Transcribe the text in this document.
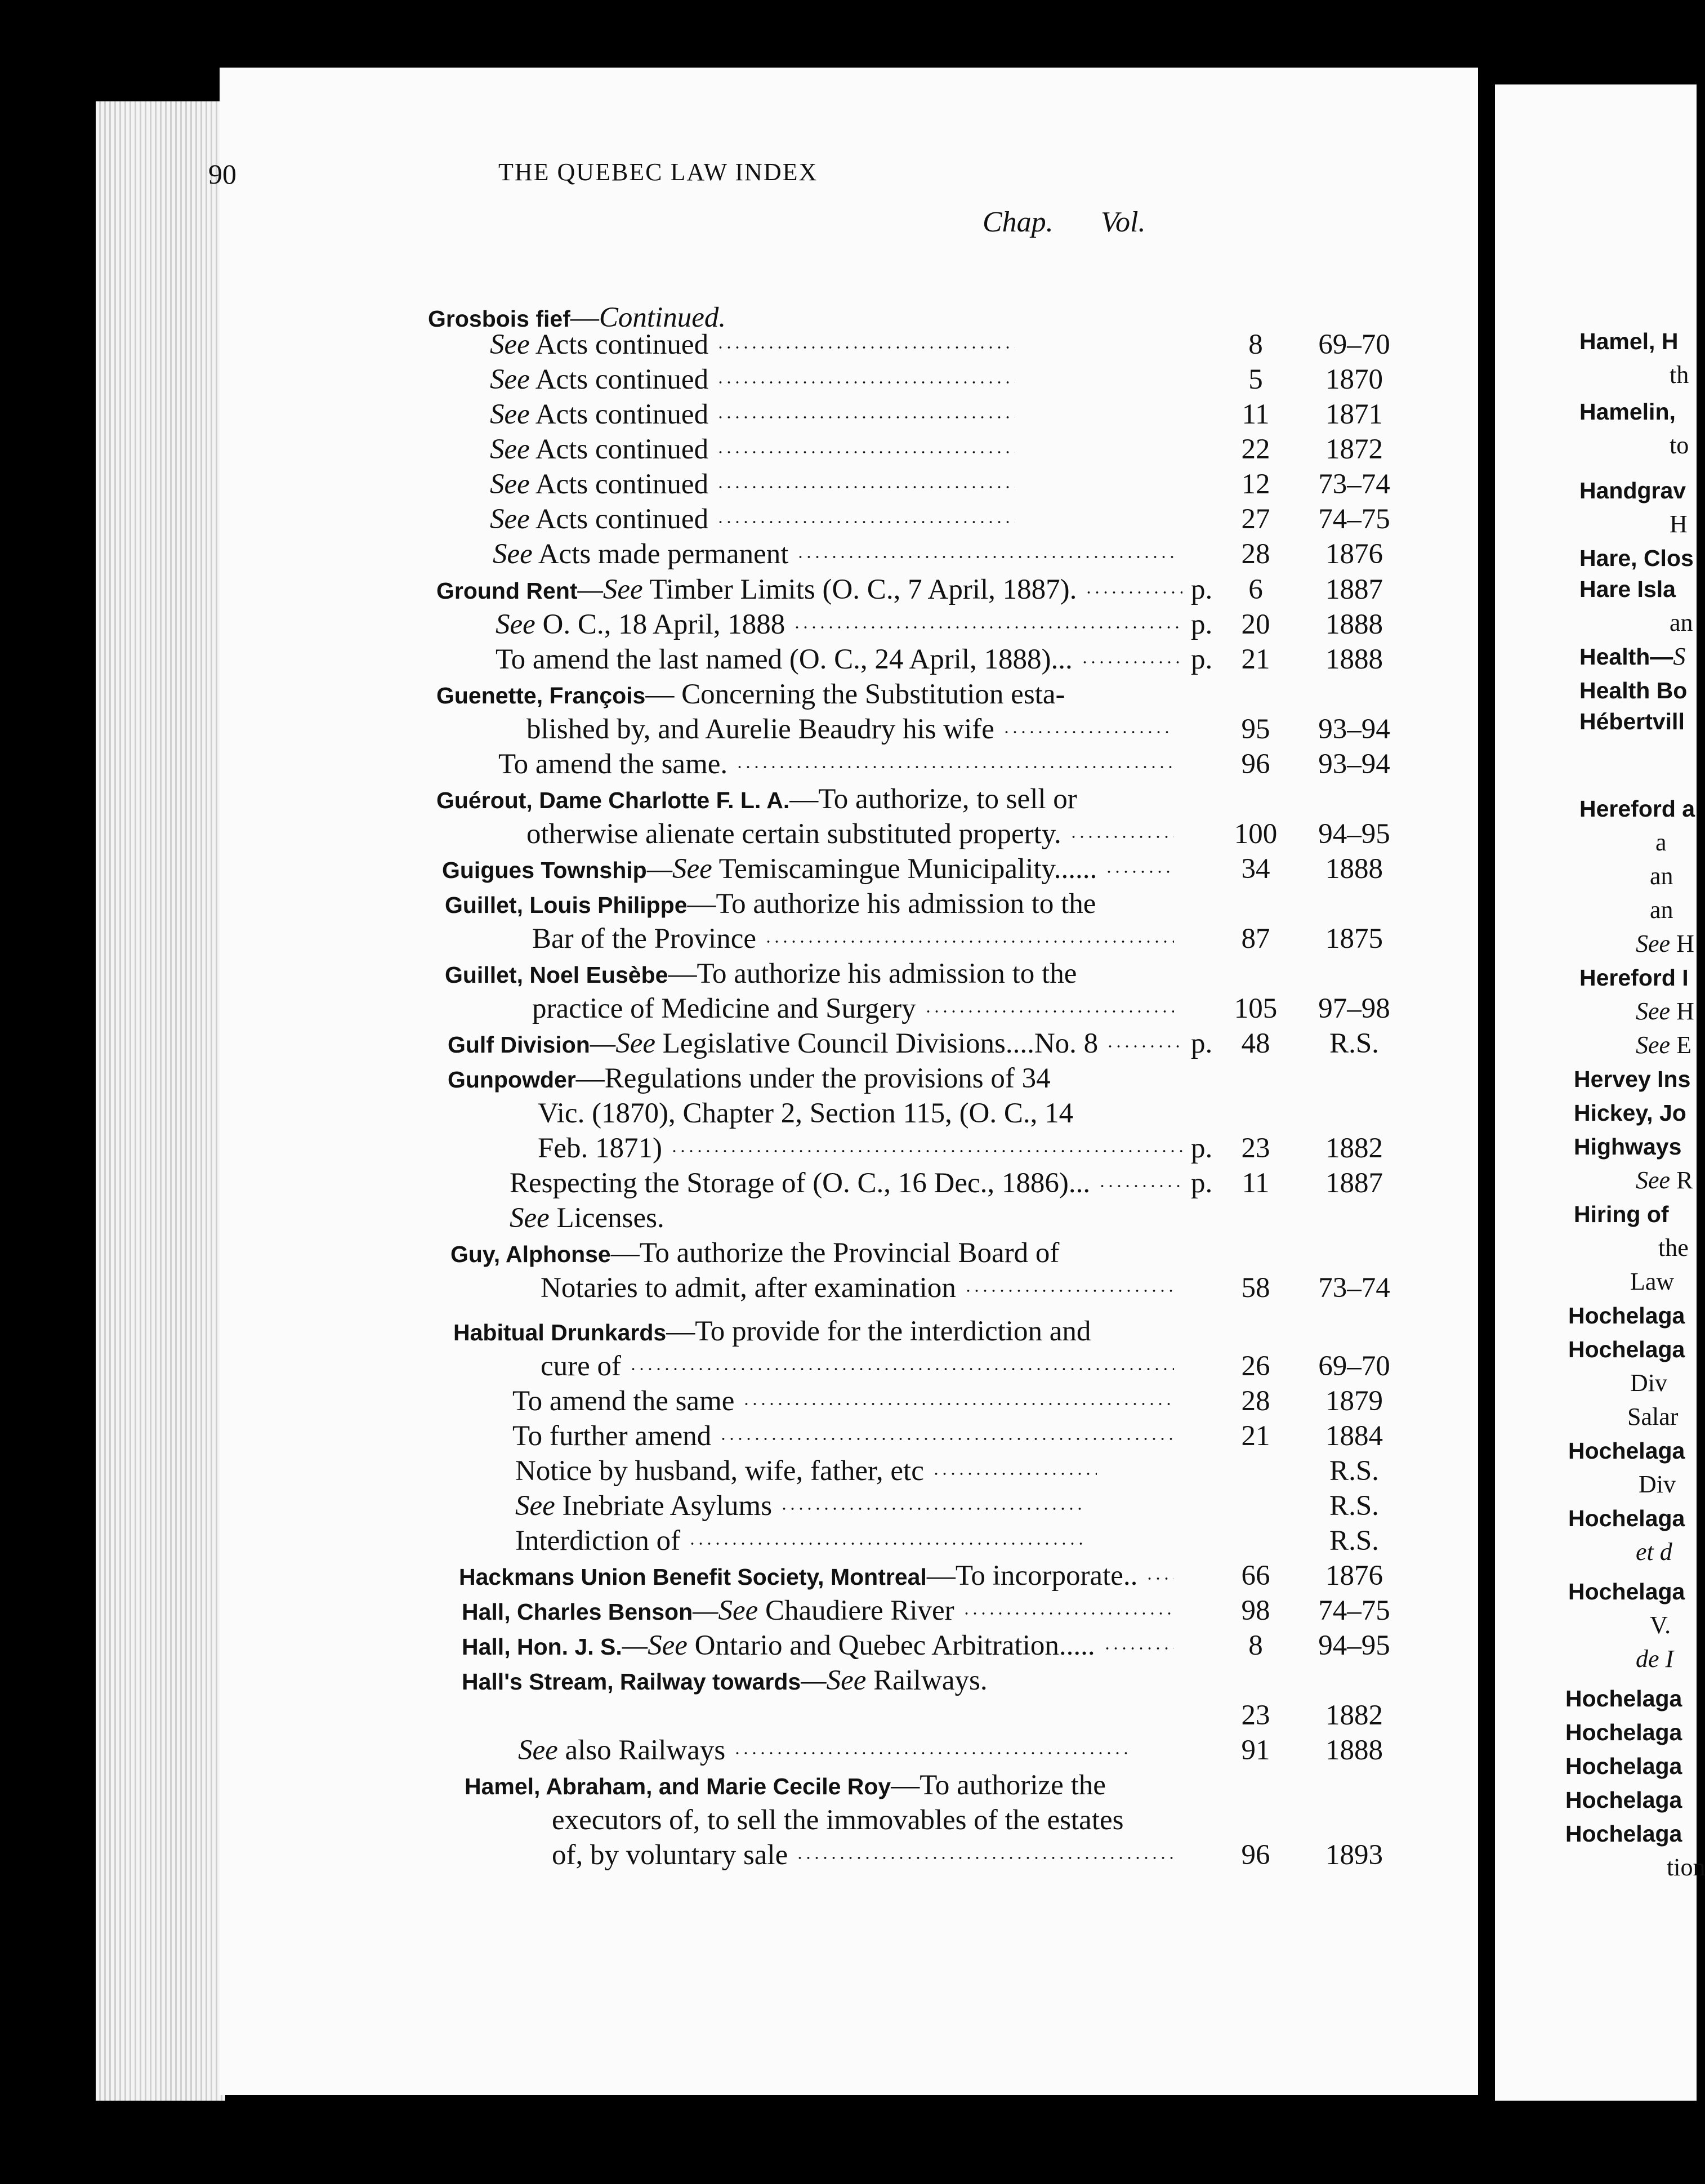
90	THE QUEBEC LAW INDEX
Chap. Vol.
Grosbois fief—Continued.
See Acts continued	8	69–70
See Acts continued	5	1870
See Acts continued	11	1871
See Acts continued	22	1872
See Acts continued	12	73–74
See Acts continued	27	74–75
See Acts made permanent	28	1876
Ground Rent—See Timber Limits (O. C., 7 April, 1887).	p.	6	1887
See O. C., 18 April, 1888	p.	20	1888
To amend the last named (O. C., 24 April, 1888)...	p.	21	1888
Guenette, François— Concerning the Substitution esta-
blished by, and Aurelie Beaudry his wife	95	93–94
To amend the same.	96	93–94
Guérout, Dame Charlotte F. L. A.—To authorize, to sell or
otherwise alienate certain substituted property.	100	94–95
Guigues Township—See Temiscamingue Municipality......	34	1888
Guillet, Louis Philippe—To authorize his admission to the
Bar of the Province	87	1875
Guillet, Noel Eusèbe—To authorize his admission to the
practice of Medicine and Surgery	105	97–98
Gulf Division—See Legislative Council Divisions....No. 8	p.	48	R.S.
Gunpowder—Regulations under the provisions of 34
Vic. (1870), Chapter 2, Section 115, (O. C., 14
Feb. 1871)	p.	23	1882
Respecting the Storage of (O. C., 16 Dec., 1886)...	p.	11	1887
See Licenses.
Guy, Alphonse—To authorize the Provincial Board of
Notaries to admit, after examination	58	73–74
Habitual Drunkards—To provide for the interdiction and
cure of	26	69–70
To amend the same	28	1879
To further amend	21	1884
Notice by husband, wife, father, etc	R.S.
See Inebriate Asylums	R.S.
Interdiction of	R.S.
Hackmans Union Benefit Society, Montreal—To incorporate..	66	1876
Hall, Charles Benson—See Chaudiere River	98	74–75
Hall, Hon. J. S.—See Ontario and Quebec Arbitration.....	8	94–95
Hall's Stream, Railway towards—See Railways.
23	1882
See also Railways	91	1888
Hamel, Abraham, and Marie Cecile Roy—To authorize the
executors of, to sell the immovables of the estates
of, by voluntary sale	96	1893
Hamel, H
th
Hamelin,
to
Handgrav
H
Hare, Clos
Hare Isla
an
Health—S
Health Bo
Hébertvill
Hereford a
a
an
an
See H
Hereford I
See H
See E
Hervey Ins
Hickey, Jo
Highways
See R
Hiring of
the
Law
Hochelaga
Hochelaga
Div
Salar
Hochelaga
Div
Hochelaga
et d
Hochelaga
V.
de I
Hochelaga
Hochelaga
Hochelaga
Hochelaga
Hochelaga
tion
